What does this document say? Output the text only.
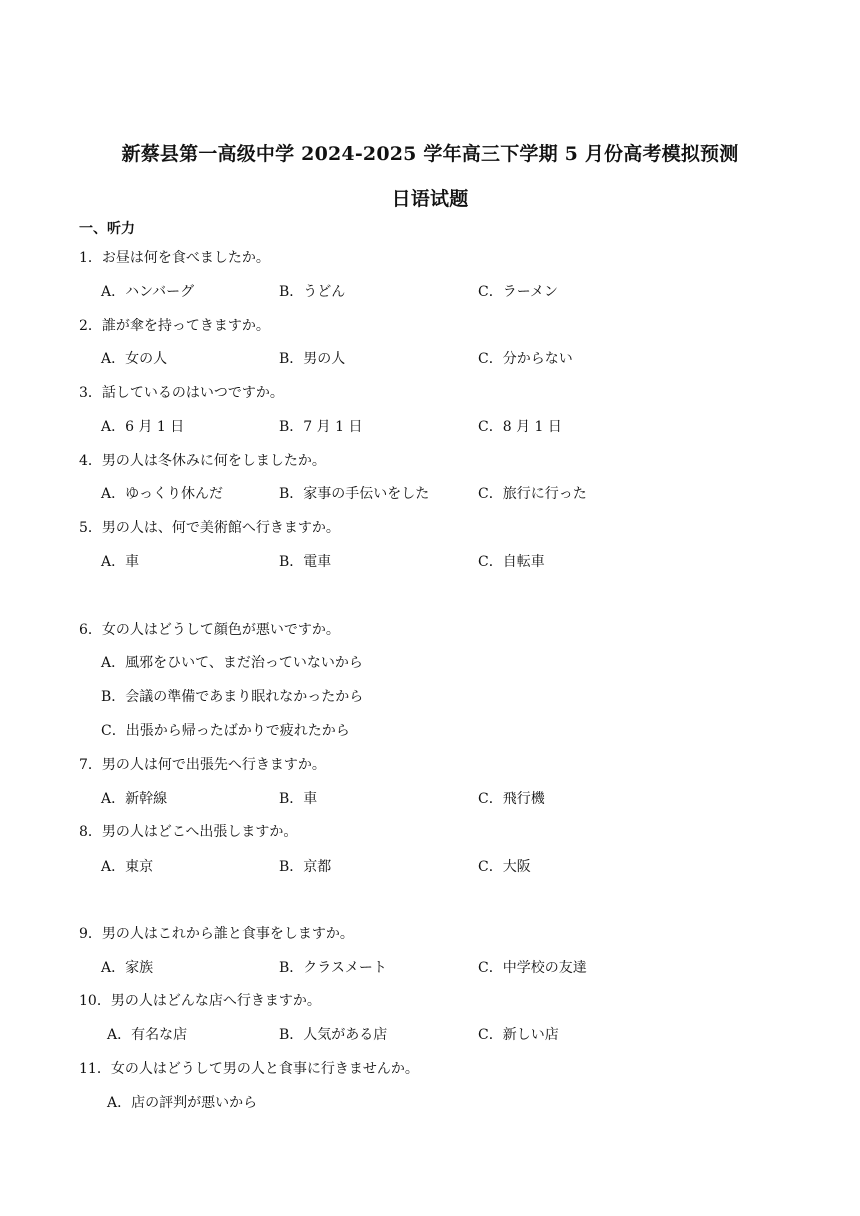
新蔡县第一高级中学 2024-2025 学年高三下学期 5 月份高考模拟预测
日语试题
一、听力
1．お昼は何を食べましたか。
A．ハンバーグ	B．うどん	C．ラーメン
2．誰が傘を持ってきますか。
A．女の人	B．男の人	C．分からない
3．話しているのはいつですか。
A．6 月 1 日	B．7 月 1 日	C．8 月 1 日
4．男の人は冬休みに何をしましたか。
A．ゆっくり休んだ	B．家事の手伝いをした	C．旅行に行った
5．男の人は、何で美術館へ行きますか。
A．車	B．電車	C．自転車
6．女の人はどうして顔色が悪いですか。
A．風邪をひいて、まだ治っていないから
B．会議の準備であまり眠れなかったから
C．出張から帰ったばかりで疲れたから
7．男の人は何で出張先へ行きますか。
A．新幹線	B．車	C．飛行機
8．男の人はどこへ出張しますか。
A．東京	B．京都	C．大阪
9．男の人はこれから誰と食事をしますか。
A．家族	B．クラスメート	C．中学校の友達
10．男の人はどんな店へ行きますか。
A．有名な店	B．人気がある店	C．新しい店
11．女の人はどうして男の人と食事に行きませんか。
A．店の評判が悪いから
